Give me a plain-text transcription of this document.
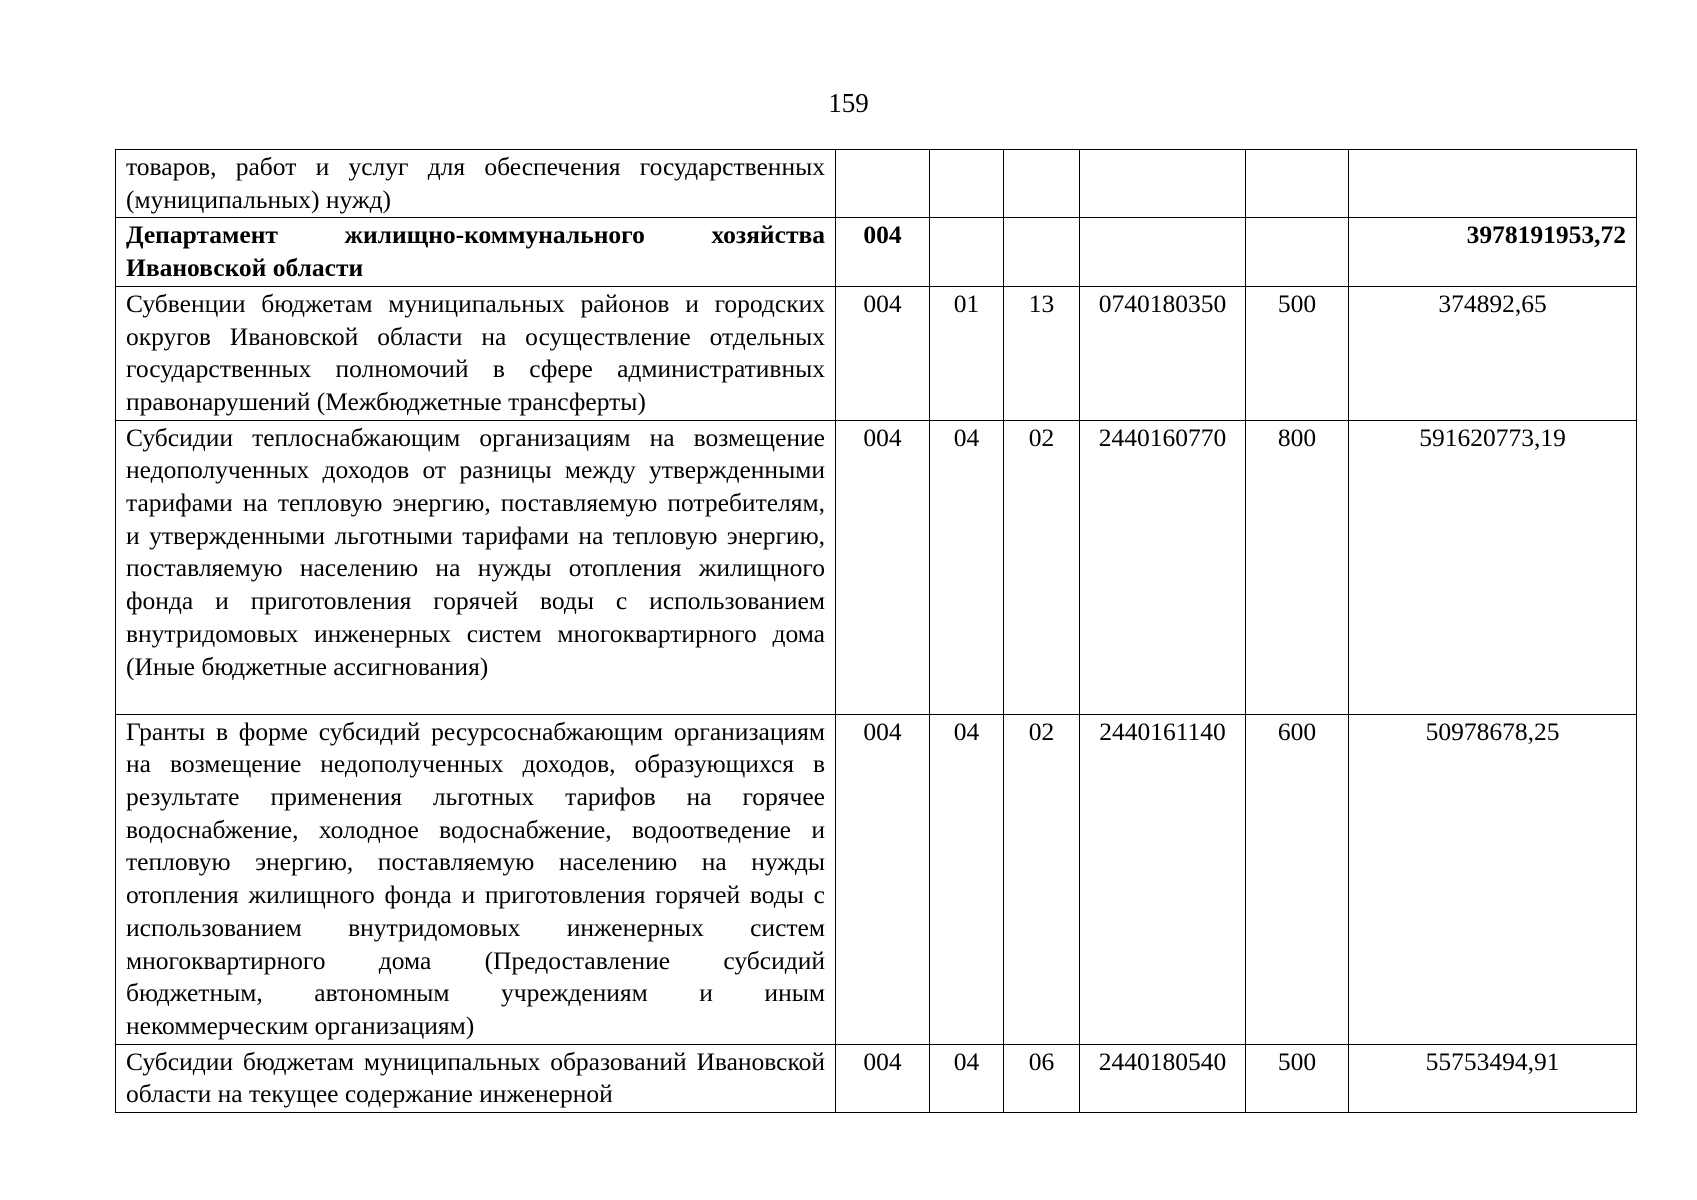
159
товаров, работ и услуг для обеспечения государственных (муниципальных) нужд)						
Департамент жилищно-коммунального хозяйства Ивановской области	004					3978191953,72
Субвенции бюджетам муниципальных районов и городских округов Ивановской области на осуществление отдельных государственных полномочий в сфере административных правонарушений (Межбюджетные трансферты)	004	01	13	0740180350	500	374892,65
Субсидии теплоснабжающим организациям на возмещение недополученных доходов от разницы между утвержденными тарифами на тепловую энергию, поставляемую потребителям, и утвержденными льготными тарифами на тепловую энергию, поставляемую населению на нужды отопления жилищного фонда и приготовления горячей воды с использованием внутридомовых инженерных систем многоквартирного дома (Иные бюджетные ассигнования)	004	04	02	2440160770	800	591620773,19
Гранты в форме субсидий ресурсоснабжающим организациям на возмещение недополученных доходов, образующихся в результате применения льготных тарифов на горячее водоснабжение, холодное водоснабжение, водоотведение и тепловую энергию, поставляемую населению на нужды отопления жилищного фонда и приготовления горячей воды с использованием внутридомовых инженерных систем многоквартирного дома (Предоставление субсидий бюджетным, автономным учреждениям и иным некоммерческим организациям)	004	04	02	2440161140	600	50978678,25
Субсидии бюджетам муниципальных образований Ивановской области на текущее содержание инженерной	004	04	06	2440180540	500	55753494,91
